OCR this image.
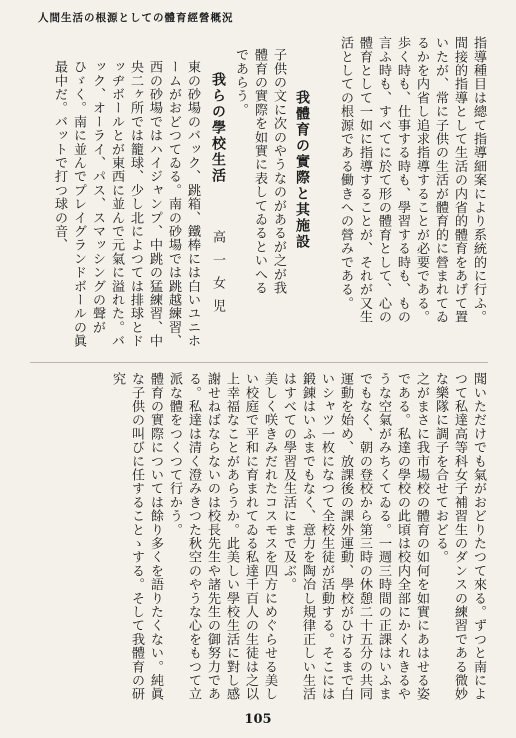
人間生活の根源としての體育經營概況
指導種目は總て指導細案により系統的に行ふ。
間接的指導として生活の内省的體育をあげて置いたが、常に子供の生活が體育的に營まれてゐるかを内省し追求指導することが必要である。歩く時も、仕事する時も、學習する時も、もの言ふ時も、すべてに於て形の體育として、心の體育として一如に指導することが、それが又生活としての根源である働きへの營みである。
我體育の實際と其施設
子供の文に次のやうなのがあるが之が我體育の實際を如實に表してゐるといへるであらう。
我らの學校生活
高一女児
東の砂場のバック、跳箱、鐵棒には白いユニホームがおどつてゐる。南の砂場では跳越練習、西の砂場ではハイジャンプ、中跳の猛練習、中央二ヶ所では籠球、少し北によつては排球とドッヂボールとが東西に並んで元氣に溢れた。バック、オーライ、パス、スマッシングの聲がひゞく。南に並んでプレイグランドボールの眞最中だ。バットで打つ球の音、
聞いただけでも氣がおどりたつて來る。ずつと南によつて私達高等科女子補習生のダンスの練習である微妙な樂隊に調子を合せておどる。
之がまさに我市場校の體育の如何を如實にあはせる姿である。私達の學校の此頃は校内全部にかくれきるやうな空氣がみちくてゐる。一週三時間の正課はいふまでもなく、朝の登校から第三時の休憩二十五分の共同運動を始め、放課後の課外運動、學校がひけるまで白いシャツ一枚になつて全校生徒が活動する。そこには鍛錬はいふまでもなく、意力を陶冶し規律正しい生活はすべての學習及生活にまで及ぶ。
美しく咲きみだれたコスモスを四方にめぐらせる美しい校庭で平和に育まれてゐる私達千百人の生徒は之以上幸福なことがあらうか。此美しい學校生活に對し感謝せねばならないのは校長先生や諸先生の御努力である。私達は清く澄みきつた秋空のやうな心をもつて立派な體をつくつて行かう。
體育の實際については餘り多くを語りたくない。純眞な子供の叫びに任することゝする。そして我體育の研究
105
